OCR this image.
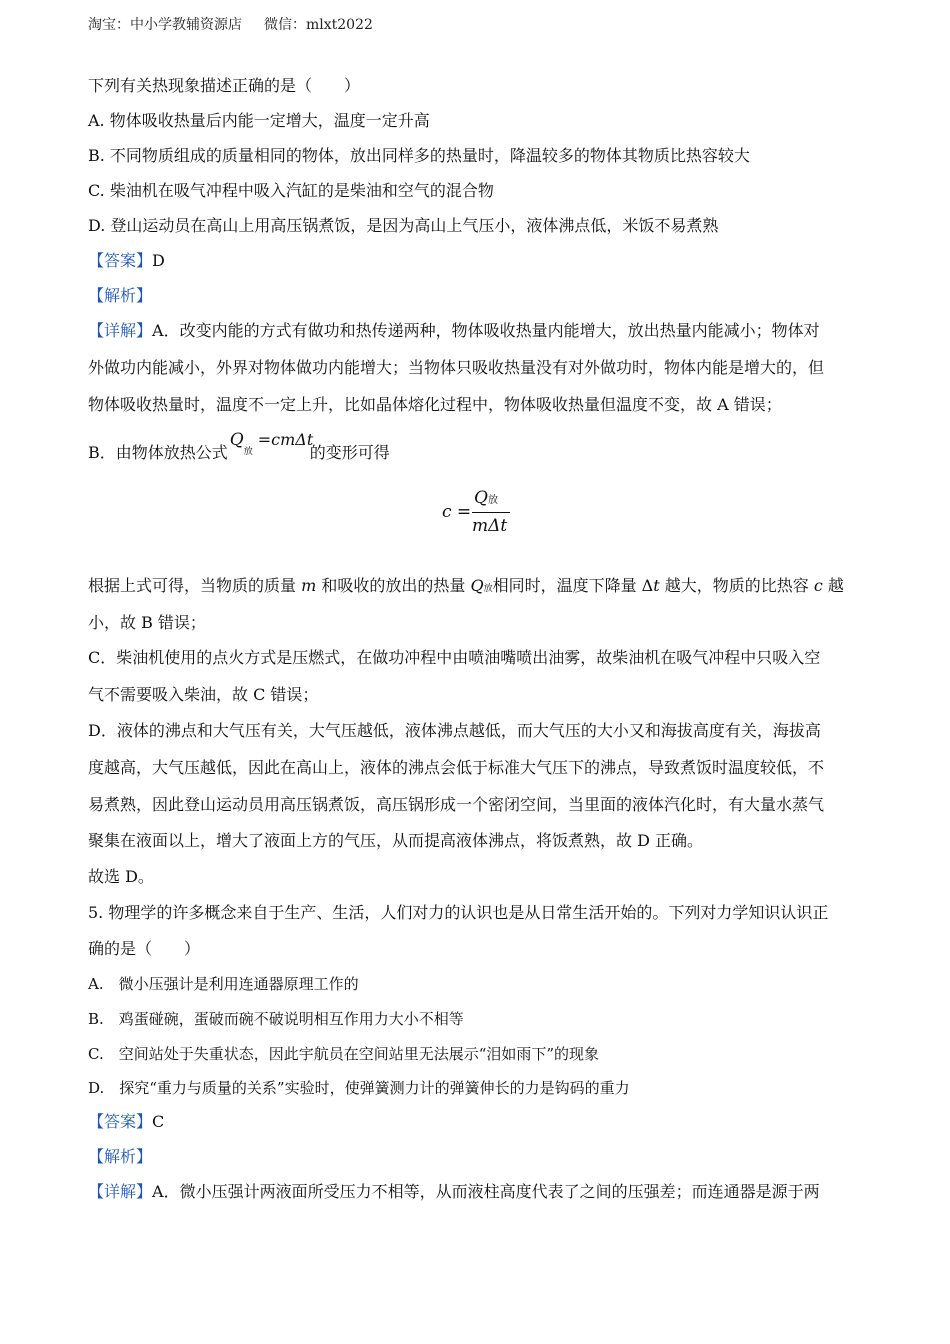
淘宝：中小学教辅资源店 微信：mlxt2022
下列有关热现象描述正确的是（　　）
A. 物体吸收热量后内能一定增大，温度一定升高
B. 不同物质组成的质量相同的物体，放出同样多的热量时，降温较多的物体其物质比热容较大
C. 柴油机在吸气冲程中吸入汽缸的是柴油和空气的混合物
D. 登山运动员在高山上用高压锅煮饭，是因为高山上气压小，液体沸点低，米饭不易煮熟
【答案】D
【解析】
【详解】A．改变内能的方式有做功和热传递两种，物体吸收热量内能增大，放出热量内能减小；物体对
外做功内能减小，外界对物体做功内能增大；当物体只吸收热量没有对外做功时，物体内能是增大的，但
物体吸收热量时，温度不一定上升，比如晶体熔化过程中，物体吸收热量但温度不变，故 A 错误；
B．由物体放热公式
Q
放
=cmΔt
的变形可得
c =
Q放
mΔt
根据上式可得，当物质的质量 m 和吸收的放出的热量 Q放相同时，温度下降量 Δt 越大，物质的比热容 c 越
小，故 B 错误；
C．柴油机使用的点火方式是压燃式，在做功冲程中由喷油嘴喷出油雾，故柴油机在吸气冲程中只吸入空
气不需要吸入柴油，故 C 错误；
D．液体的沸点和大气压有关，大气压越低，液体沸点越低，而大气压的大小又和海拔高度有关，海拔高
度越高，大气压越低，因此在高山上，液体的沸点会低于标准大气压下的沸点，导致煮饭时温度较低，不
易煮熟，因此登山运动员用高压锅煮饭，高压锅形成一个密闭空间，当里面的液体汽化时，有大量水蒸气
聚集在液面以上，增大了液面上方的气压，从而提高液体沸点，将饭煮熟，故 D 正确。
故选 D。
5. 物理学的许多概念来自于生产、生活，人们对力的认识也是从日常生活开始的。下列对力学知识认识正
确的是（　　）
A.　微小压强计是利用连通器原理工作的
B.　鸡蛋碰碗，蛋破而碗不破说明相互作用力大小不相等
C.　空间站处于失重状态，因此宇航员在空间站里无法展示“泪如雨下”的现象
D.　探究“重力与质量的关系”实验时，使弹簧测力计的弹簧伸长的力是钩码的重力
【答案】C
【解析】
【详解】A．微小压强计两液面所受压力不相等，从而液柱高度代表了之间的压强差；而连通器是源于两
